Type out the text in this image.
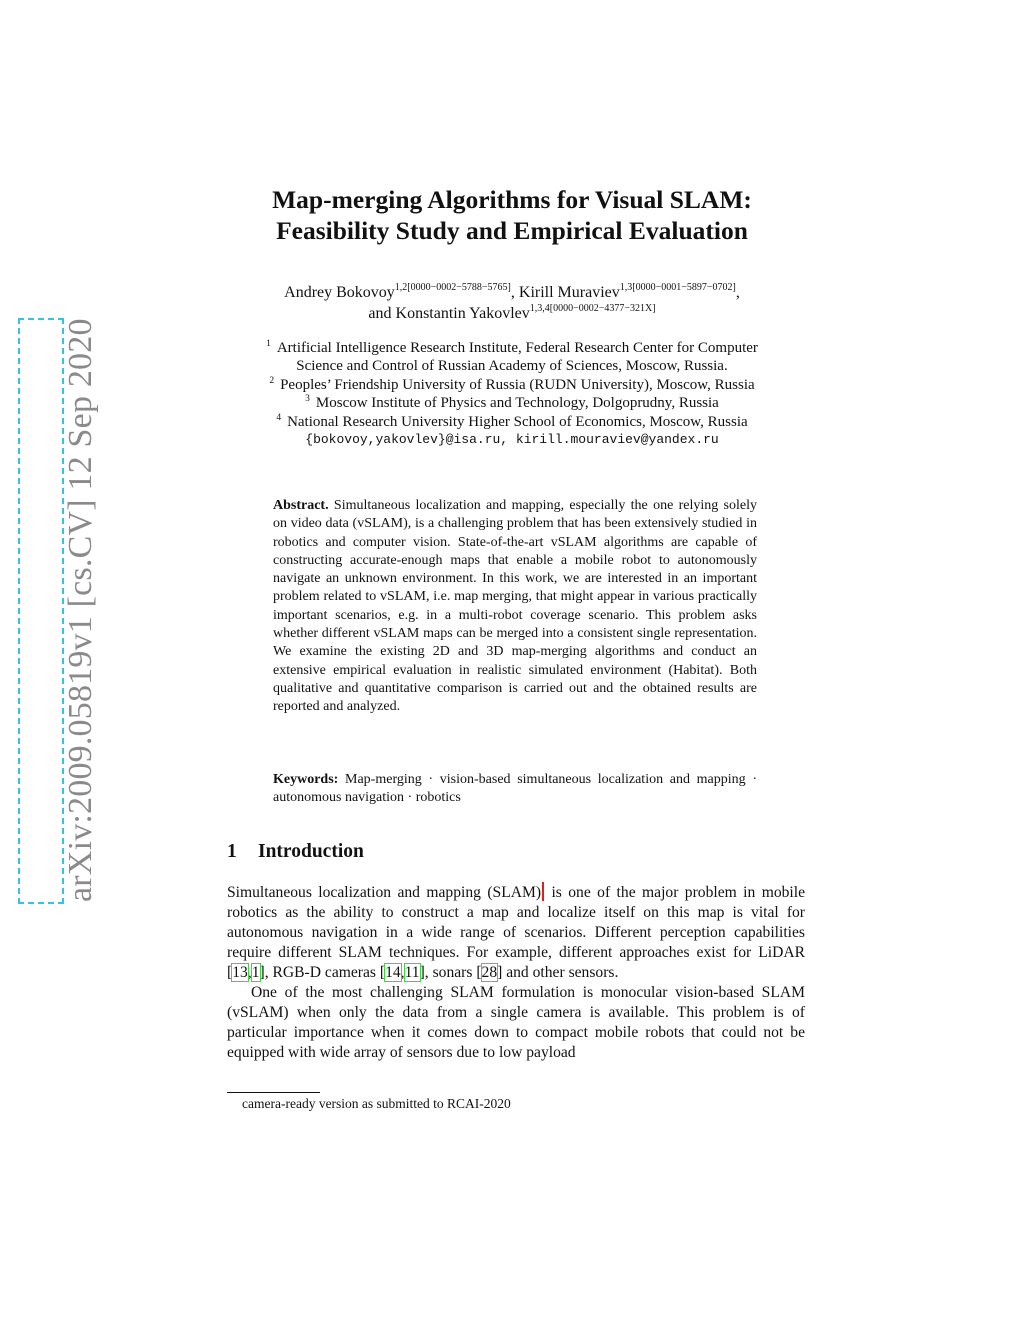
arXiv:2009.05819v1 [cs.CV] 12 Sep 2020
Map-merging Algorithms for Visual SLAM:
Feasibility Study and Empirical Evaluation
Andrey Bokovoy$^{1,2[0000-0002-5788-5765]}$, Kirill Muraviev$^{1,3[0000-0001-5897-0702]}$,
and Konstantin Yakovlev$^{1,3,4[0000-0002-4377-321X]}$
$^1$ Artificial Intelligence Research Institute, Federal Research Center for Computer
Science and Control of Russian Academy of Sciences, Moscow, Russia.
$^2$ Peoples’ Friendship University of Russia (RUDN University), Moscow, Russia
$^3$ Moscow Institute of Physics and Technology, Dolgoprudny, Russia
$^4$ National Research University Higher School of Economics, Moscow, Russia
{bokovoy,yakovlev}@isa.ru, kirill.mouraviev@yandex.ru
Abstract. Simultaneous localization and mapping, especially the one relying solely on video data (vSLAM), is a challenging problem that has been extensively studied in robotics and computer vision. State-of-the-art vSLAM algorithms are capable of constructing accurate-enough maps that enable a mobile robot to autonomously navigate an unknown environment. In this work, we are interested in an important problem related to vSLAM, i.e. map merging, that might appear in various practically important scenarios, e.g. in a multi-robot coverage scenario. This problem asks whether different vSLAM maps can be merged into a consistent single representation. We examine the existing 2D and 3D map-merging algorithms and conduct an extensive empirical evaluation in realistic simulated environment (Habitat). Both qualitative and quantitative comparison is carried out and the obtained results are reported and analyzed.
Keywords: Map-merging · vision-based simultaneous localization and mapping · autonomous navigation · robotics
1 Introduction

Simultaneous localization and mapping (SLAM) is one of the major problem in mobile robotics as the ability to construct a map and localize itself on this map is vital for autonomous navigation in a wide range of scenarios. Different perception capabilities require different SLAM techniques. For example, different approaches exist for LiDAR [13,1], RGB-D cameras [14,11], sonars [28] and other sensors.

One of the most challenging SLAM formulation is monocular vision-based SLAM (vSLAM) when only the data from a single camera is available. This problem is of particular importance when it comes down to compact mobile robots that could not be equipped with wide array of sensors due to low payload

camera-ready version as submitted to RCAI-2020
